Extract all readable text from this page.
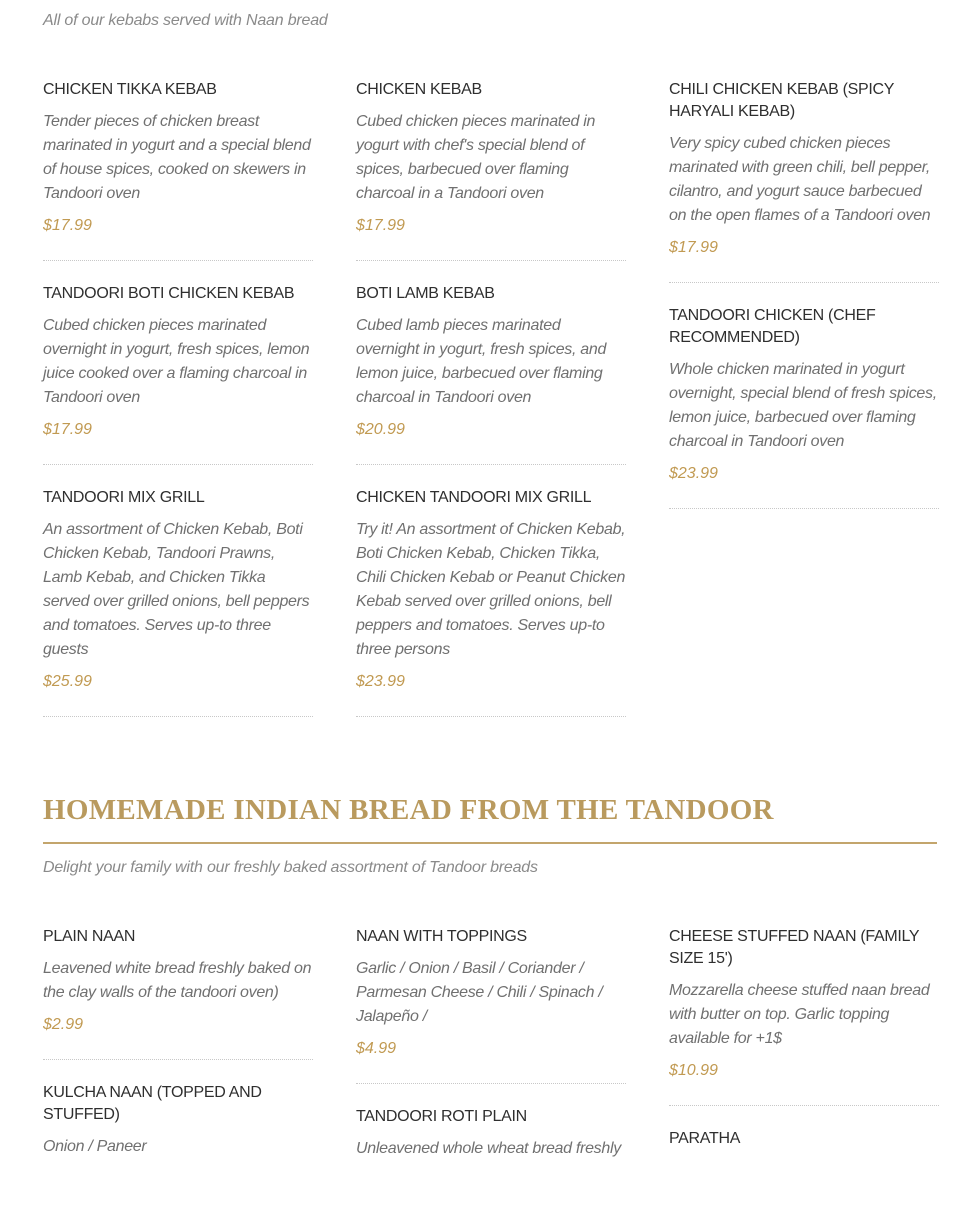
All of our kebabs served with Naan bread
CHICKEN TIKKA KEBAB
Tender pieces of chicken breast marinated in yogurt and a special blend of house spices, cooked on skewers in Tandoori oven
$17.99
TANDOORI BOTI CHICKEN KEBAB
Cubed chicken pieces marinated overnight in yogurt, fresh spices, lemon juice cooked over a flaming charcoal in Tandoori oven
$17.99
TANDOORI MIX GRILL
An assortment of Chicken Kebab, Boti Chicken Kebab, Tandoori Prawns, Lamb Kebab, and Chicken Tikka served over grilled onions, bell peppers and tomatoes. Serves up-to three guests
$25.99
CHICKEN KEBAB
Cubed chicken pieces marinated in yogurt with chef's special blend of spices, barbecued over flaming charcoal in a Tandoori oven
$17.99
BOTI LAMB KEBAB
Cubed lamb pieces marinated overnight in yogurt, fresh spices, and lemon juice, barbecued over flaming charcoal in Tandoori oven
$20.99
CHICKEN TANDOORI MIX GRILL
Try it! An assortment of Chicken Kebab, Boti Chicken Kebab, Chicken Tikka, Chili Chicken Kebab or Peanut Chicken Kebab served over grilled onions, bell peppers and tomatoes. Serves up-to three persons
$23.99
CHILI CHICKEN KEBAB (SPICY HARYALI KEBAB)
Very spicy cubed chicken pieces marinated with green chili, bell pepper, cilantro, and yogurt sauce barbecued on the open flames of a Tandoori oven
$17.99
TANDOORI CHICKEN (CHEF RECOMMENDED)
Whole chicken marinated in yogurt overnight, special blend of fresh spices, lemon juice, barbecued over flaming charcoal in Tandoori oven
$23.99
HOMEMADE INDIAN BREAD FROM THE TANDOOR
Delight your family with our freshly baked assortment of Tandoor breads
PLAIN NAAN
Leavened white bread freshly baked on the clay walls of the tandoori oven)
$2.99
KULCHA NAAN (TOPPED AND STUFFED)
Onion / Paneer
NAAN WITH TOPPINGS
Garlic / Onion / Basil / Coriander / Parmesan Cheese / Chili / Spinach / Jalapeño /
$4.99
TANDOORI ROTI PLAIN
Unleavened whole wheat bread freshly
CHEESE STUFFED NAAN (FAMILY SIZE 15')
Mozzarella cheese stuffed naan bread with butter on top. Garlic topping available for +1$
$10.99
PARATHA
